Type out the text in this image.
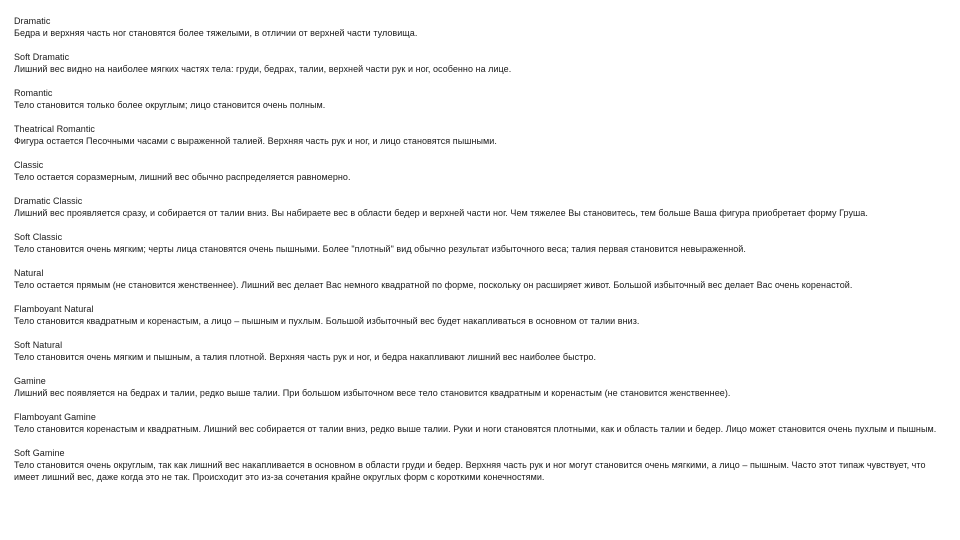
Dramatic
Бедра и верхняя часть ног становятся более тяжелыми, в отличии от верхней части туловища.
Soft Dramatic
Лишний вес видно на наиболее мягких частях тела: груди, бедрах, талии, верхней части рук и ног, особенно на лице.
Romantic
Тело становится только более округлым; лицо становится очень полным.
Theatrical Romantic
Фигура остается Песочными часами с выраженной талией. Верхняя часть рук и ног, и лицо становятся пышными.
Classic
Тело остается соразмерным, лишний вес обычно распределяется равномерно.
Dramatic Classic
Лишний вес проявляется сразу, и собирается от талии вниз. Вы набираете вес в области бедер и верхней части ног. Чем тяжелее Вы становитесь, тем больше Ваша фигура приобретает форму Груша.
Soft Classic
Тело становится очень мягким; черты лица становятся очень пышными. Более "плотный" вид обычно результат избыточного веса; талия первая становится невыраженной.
Natural
Тело остается прямым (не становится женственнее). Лишний вес делает Вас немного квадратной по форме, поскольку он расширяет живот. Большой избыточный вес делает Вас очень коренастой.
Flamboyant Natural
Тело становится квадратным и коренастым, а лицо – пышным и пухлым. Большой избыточный вес будет накапливаться в основном от талии вниз.
Soft Natural
Тело становится очень мягким и пышным, а талия плотной. Верхняя часть рук и ног, и бедра накапливают лишний вес наиболее быстро.
Gamine
Лишний вес появляется на бедрах и талии, редко выше талии. При большом избыточном весе тело становится квадратным и коренастым (не становится женственнее).
Flamboyant Gamine
Тело становится коренастым и квадратным. Лишний вес собирается от талии вниз, редко выше талии. Руки и ноги становятся плотными, как и область талии и бедер. Лицо может становится очень пухлым и пышным.
Soft Gamine
Тело становится очень округлым, так как лишний вес накапливается в основном в области груди и бедер. Верхняя часть рук и ног могут становится очень мягкими, а лицо – пышным. Часто этот типаж чувствует, что имеет лишний вес, даже когда это не так. Происходит это из-за сочетания крайне округлых форм с короткими конечностями.
